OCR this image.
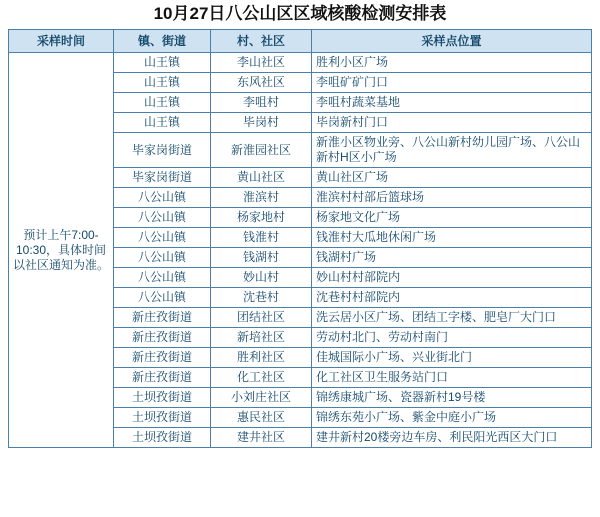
10月27日八公山区区域核酸检测安排表
采样时间	镇、街道	村、社区	采样点位置
预计上午7:00-10:30，具体时间以社区通知为准。	山王镇	李山社区	胜利小区广场
	山王镇	东风社区	李咀矿矿门口
	山王镇	李咀村	李咀村蔬菜基地
	山王镇	毕岗村	毕岗新村门口
	毕家岗街道	新淮园社区	新淮小区物业旁、八公山新村幼儿园广场、八公山新村H区小广场
	毕家岗街道	黄山社区	黄山社区广场
	八公山镇	淮滨村	淮滨村村部后篮球场
	八公山镇	杨家地村	杨家地文化广场
	八公山镇	钱淮村	钱淮村大瓜地休闲广场
	八公山镇	钱湖村	钱湖村广场
	八公山镇	妙山村	妙山村村部院内
	八公山镇	沈巷村	沈巷村村部院内
	新庄孜街道	团结社区	洗云居小区广场、团结工字楼、肥皂厂大门口
	新庄孜街道	新培社区	劳动村北门、劳动村南门
	新庄孜街道	胜利社区	佳城国际小广场、兴业街北门
	新庄孜街道	化工社区	化工社区卫生服务站门口
	土坝孜街道	小刘庄社区	锦绣康城广场、瓷器新村19号楼
	土坝孜街道	惠民社区	锦绣东苑小广场、紫金中庭小广场
	土坝孜街道	建井社区	建井新村20楼旁边车房、利民阳光西区大门口
